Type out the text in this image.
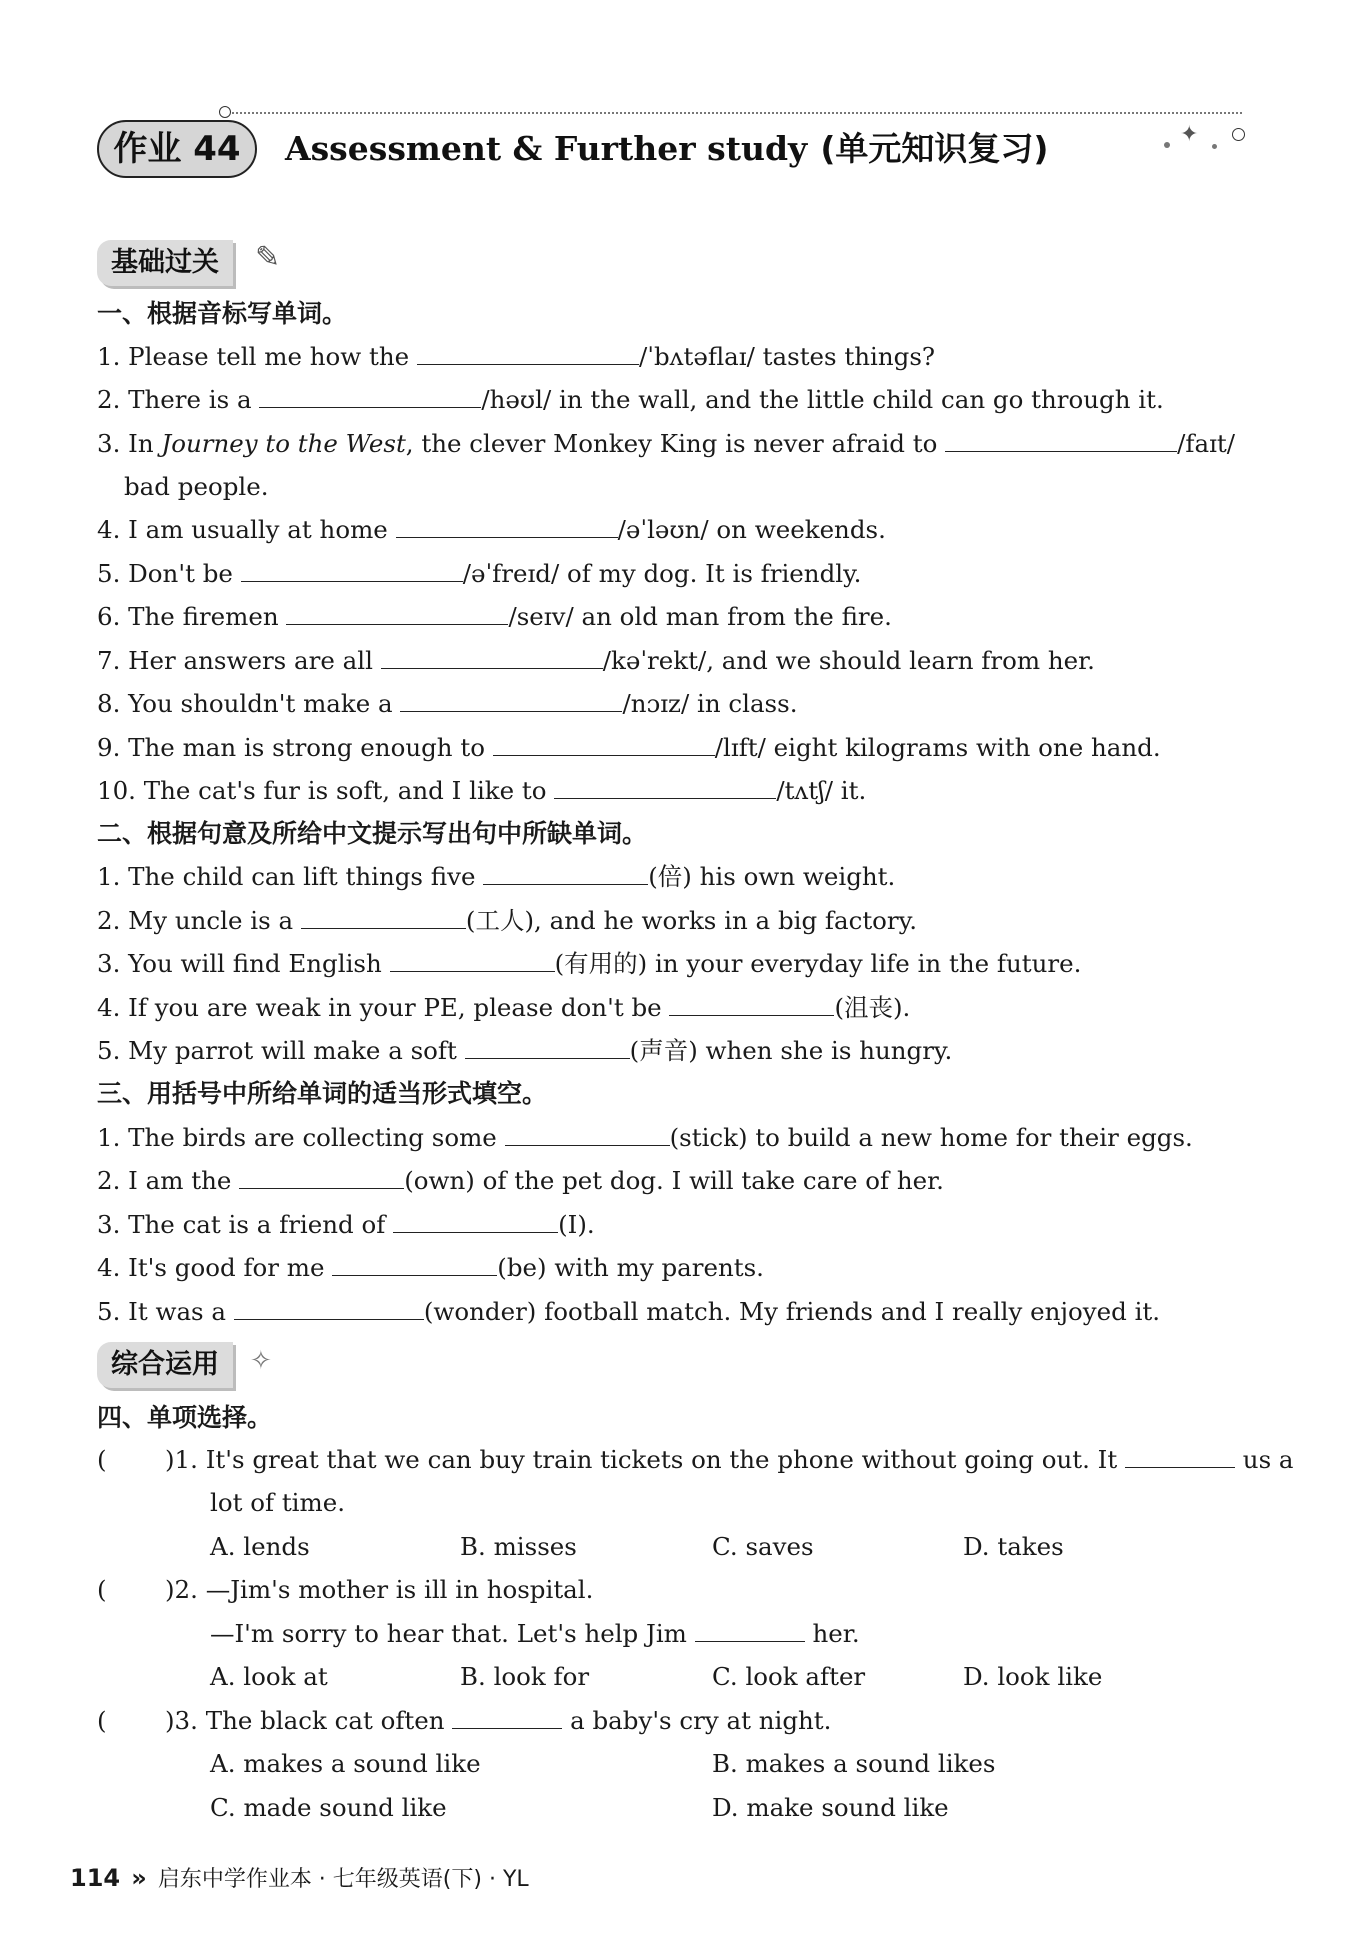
✦
作业 44	Assessment & Further study (单元知识复习)
基础过关	✎
一、根据音标写单词。
1. Please tell me how the	/ˈbʌtəflaɪ/ tastes things?
2. There is a	/həʊl/ in the wall, and the little child can go through it.
3. In Journey to the West, the clever Monkey King is never afraid to	/faɪt/
bad people.
4. I am usually at home	/əˈləʊn/ on weekends.
5. Don't be	/əˈfreɪd/ of my dog. It is friendly.
6. The firemen	/seɪv/ an old man from the fire.
7. Her answers are all	/kəˈrekt/, and we should learn from her.
8. You shouldn't make a	/nɔɪz/ in class.
9. The man is strong enough to	/lɪft/ eight kilograms with one hand.
10. The cat's fur is soft, and I like to	/tʌtʃ/ it.
二、根据句意及所给中文提示写出句中所缺单词。
1. The child can lift things five	(倍) his own weight.
2. My uncle is a	(工人), and he works in a big factory.
3. You will find English	(有用的) in your everyday life in the future.
4. If you are weak in your PE, please don't be	(沮丧).
5. My parrot will make a soft	(声音) when she is hungry.
三、用括号中所给单词的适当形式填空。
1. The birds are collecting some	(stick) to build a new home for their eggs.
2. I am the	(own) of the pet dog. I will take care of her.
3. The cat is a friend of	(I).
4. It's good for me	(be) with my parents.
5. It was a	(wonder) football match. My friends and I really enjoyed it.
综合运用	✧
四、单项选择。
( )1. It's great that we can buy train tickets on the phone without going out. It	us a
lot of time.
A. lends	B. misses	C. saves	D. takes
( )2. —Jim's mother is ill in hospital.
—I'm sorry to hear that. Let's help Jim	her.
A. look at	B. look for	C. look after	D. look like
( )3. The black cat often	a baby's cry at night.
A. makes a sound like	B. makes a sound likes
C. made sound like	D. make sound like
114 » 启东中学作业本 · 七年级英语(下) · YL
